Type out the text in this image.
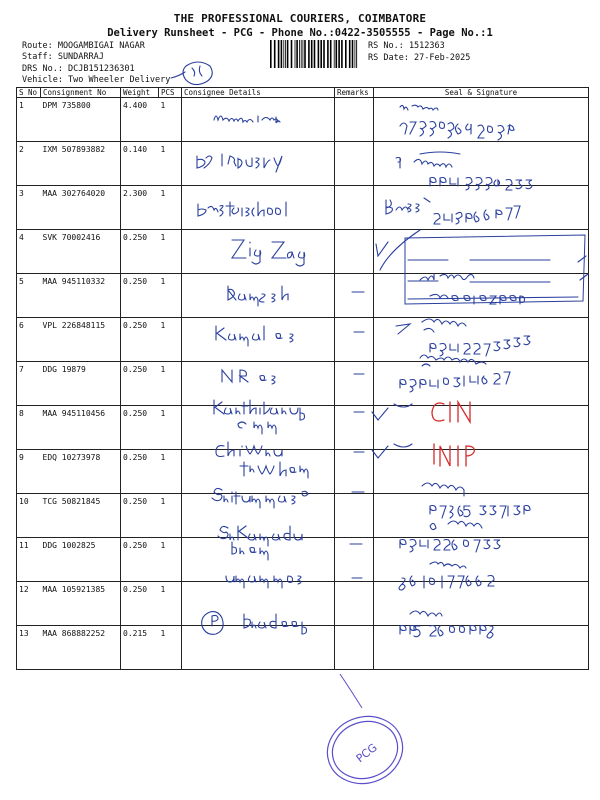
THE PROFESSIONAL COURIERS, COIMBATORE
Delivery Runsheet - PCG - Phone No.:0422-3505555 - Page No.:1
Route: MOOGAMBIGAI NAGAR
Staff: SUNDARRAJ
DRS No.: DCJB151236301
Vehicle: Two Wheeler Delivery
RS No.: 1512363
RS Date: 27-Feb-2025
S No	Consignment No	Weight	PCS	Consignee Details	Remarks	Seal & Signature
1	DPM 735800	4.400	1			
2	IXM 507893882	0.140	1			
3	MAA 302764020	2.300	1			
4	SVK 70002416	0.250	1			
5	MAA 945110332	0.250	1			
6	VPL 226848115	0.250	1			
7	DDG 19879	0.250	1			
8	MAA 945110456	0.250	1			
9	EDQ 10273978	0.250	1			
10	TCG 50821845	0.250	1			
11	DDG 1002825	0.250	1			
12	MAA 105921385	0.250	1			
13	MAA 868882252	0.215	1			
PCG
